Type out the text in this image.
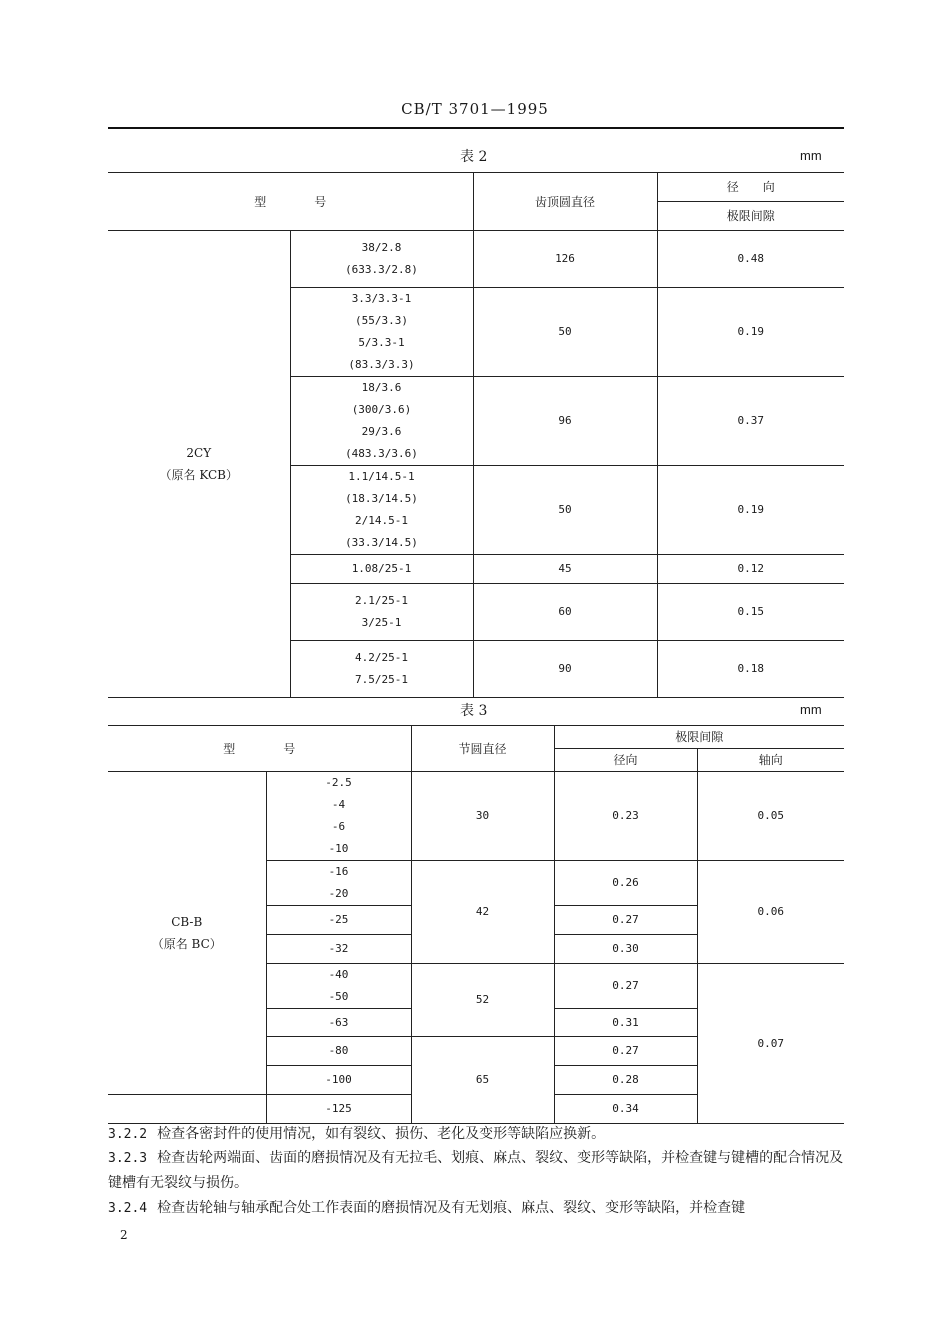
CB/T 3701—1995
表 2	mm
型　　　　号		齿顶圆直径	径　　向
			极限间隙

2CY
（原名 KCB）	38/2.8
(633.3/2.8)	126	0.48

	3.3/3.3-1
(55/3.3)
5/3.3-1
(83.3/3.3)	50	0.19

	18/3.6
(300/3.6)
29/3.6
(483.3/3.6)	96	0.37

	1.1/14.5-1
(18.3/14.5)
2/14.5-1
(33.3/14.5)	50	0.19

	1.08/25-1	45	0.12

	2.1/25-1
3/25-1	60	0.15

	4.2/25-1
7.5/25-1	90	0.18
表 3	mm
型　　　　号		节圆直径	极限间隙	
			径向	轴向

CB-B
（原名 BC）	-2.5
-4
-6
-10	30	0.23	0.05

	-16
-20	42	0.26	0.06
	-25		0.27	
	-32		0.30	

	-40
-50	52	0.27	0.07
	-63		0.31	
	-80	65	0.27	
	-100		0.28	
	-125		0.34	
3.2.2 检查各密封件的使用情况，如有裂纹、损伤、老化及变形等缺陷应换新。
3.2.3 检查齿轮两端面、齿面的磨损情况及有无拉毛、划痕、麻点、裂纹、变形等缺陷，并检查键与键槽的配合情况及键槽有无裂纹与损伤。
3.2.4 检查齿轮轴与轴承配合处工作表面的磨损情况及有无划痕、麻点、裂纹、变形等缺陷，并检查键
2
